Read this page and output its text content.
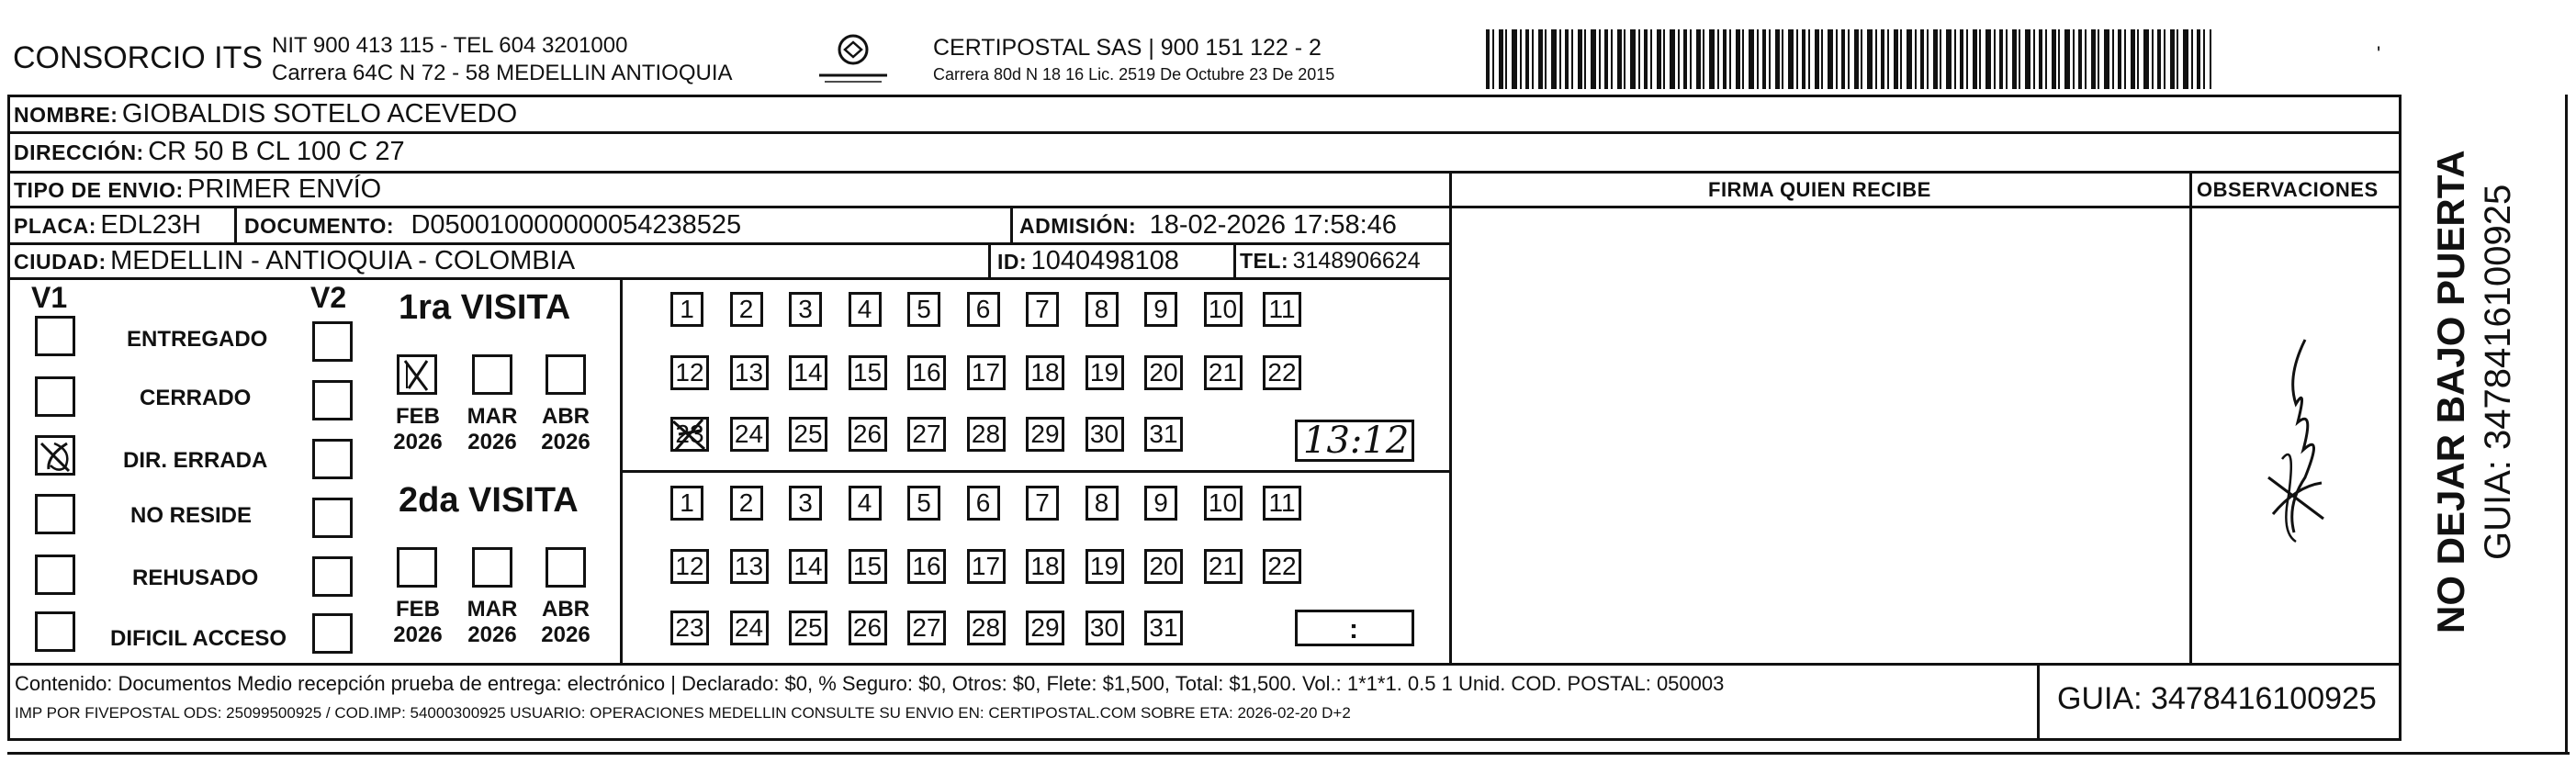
CONSORCIO ITS NIT 900 413 115 - TEL 604 3201000
Carrera 64C N 72 - 58 MEDELLIN ANTIOQUIA
CERTIPOSTAL SAS | 900 151 122 - 2
Carrera 80d N 18 16 Lic. 2519 De Octubre 23 De 2015
'
NOMBRE: GIOBALDIS SOTELO ACEVEDO
DIRECCIÓN: CR 50 B CL 100 C 27
TIPO DE ENVIO: PRIMER ENVÍO
PLACA: EDL23H DOCUMENTO: D050010000000054238525	ADMISIÓN: 18-02-2026 17:58:46
CIUDAD: MEDELLIN - ANTIOQUIA - COLOMBIA	ID: 1040498108	TEL: 3148906624
FIRMA QUIEN RECIBE	OBSERVACIONES
V1	V2
ENTREGADO
CERRADO
DIR. ERRADA
NO RESIDE
REHUSADO
DIFICIL ACCESO
1ra VISITA
FEB
2026
MAR
2026
ABR
2026
1	2	3	4	5	6	7	8	9	10 11
12 13 14 15 16 17 18 19 20 21 22
23 24 25 26 27 28 29 30 31	13:12
2da VISITA
FEB
2026
MAR
2026
ABR
2026
1	2	3	4	5	6	7	8	9	10 11
12 13 14 15 16 17 18 19 20 21 22
23 24 25 26 27 28 29 30 31	:	NO DEJAR BAJO PUERTA GUIA: 3478416100925
Contenido: Documentos Medio recepción prueba de entrega: electrónico | Declarado: $0, % Seguro: $0, Otros: $0, Flete: $1,500, Total: $1,500. Vol.: 1*1*1. 0.5 1 Unid. COD. POSTAL: 050003
IMP POR FIVEPOSTAL ODS: 25099500925 / COD.IMP: 54000300925 USUARIO: OPERACIONES MEDELLIN CONSULTE SU ENVIO EN: CERTIPOSTAL.COM SOBRE ETA: 2026-02-20 D+2	GUIA: 3478416100925
